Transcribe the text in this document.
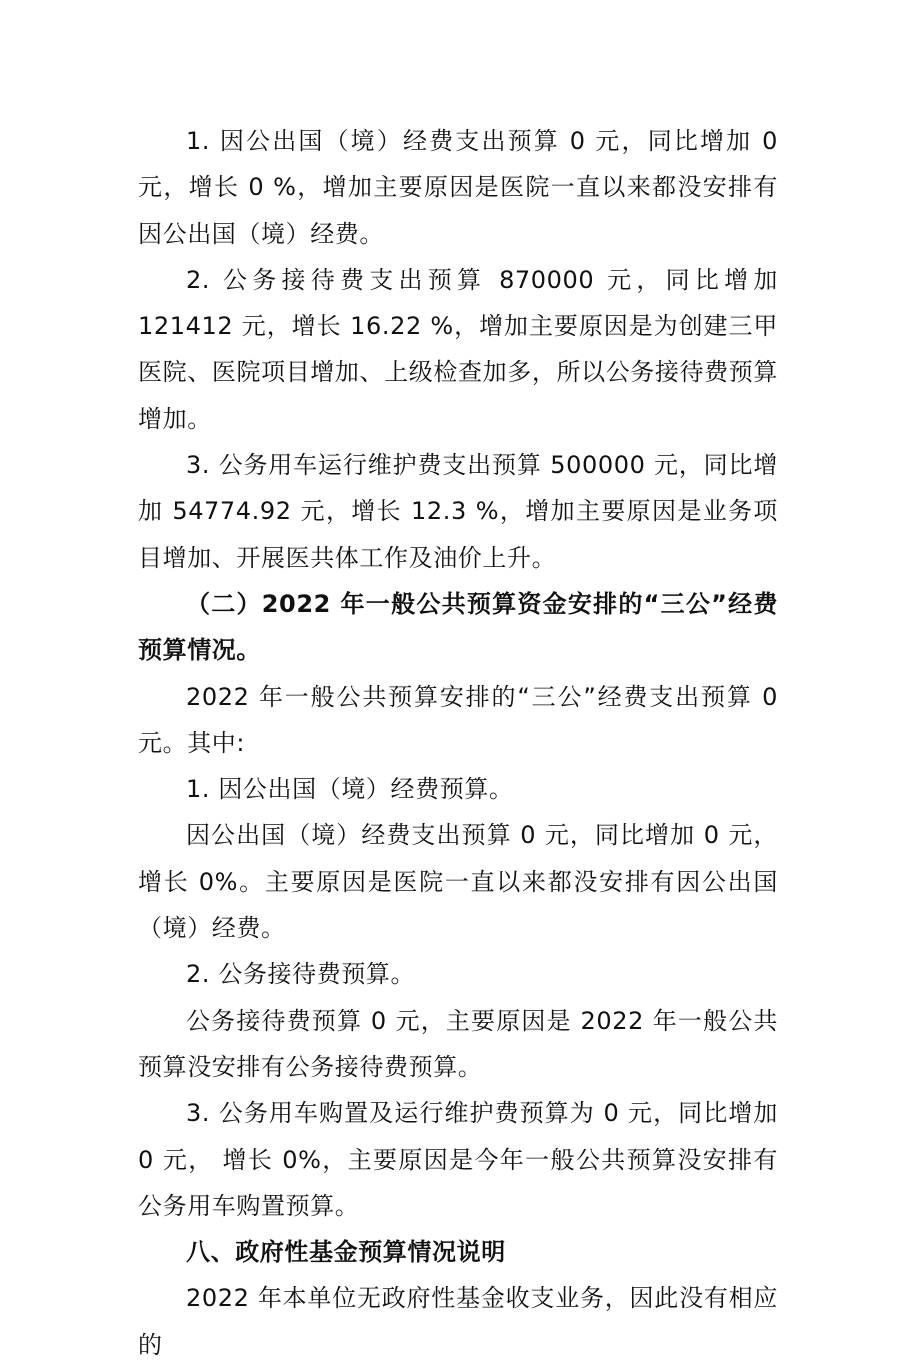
1. 因公出国（境）经费支出预算 0 元，同比增加 0 元，增长 0 %，增加主要原因是医院一直以来都没安排有因公出国（境）经费。

2. 公务接待费支出预算 870000 元，同比增加 121412 元，增长 16.22 %，增加主要原因是为创建三甲医院、医院项目增加、上级检查加多，所以公务接待费预算增加。

3. 公务用车运行维护费支出预算 500000 元，同比增加 54774.92 元，增长 12.3 %，增加主要原因是业务项目增加、开展医共体工作及油价上升。

（二）2022 年一般公共预算资金安排的“三公”经费预算情况。

2022 年一般公共预算安排的“三公”经费支出预算 0 元。其中:

1. 因公出国（境）经费预算。

因公出国（境）经费支出预算 0 元，同比增加 0 元，增长 0%。主要原因是医院一直以来都没安排有因公出国（境）经费。

2. 公务接待费预算。

公务接待费预算 0 元，主要原因是 2022 年一般公共预算没安排有公务接待费预算。

3. 公务用车购置及运行维护费预算为 0 元，同比增加 0 元， 增长 0%，主要原因是今年一般公共预算没安排有公务用车购置预算。

八、政府性基金预算情况说明

2022 年本单位无政府性基金收支业务，因此没有相应的
